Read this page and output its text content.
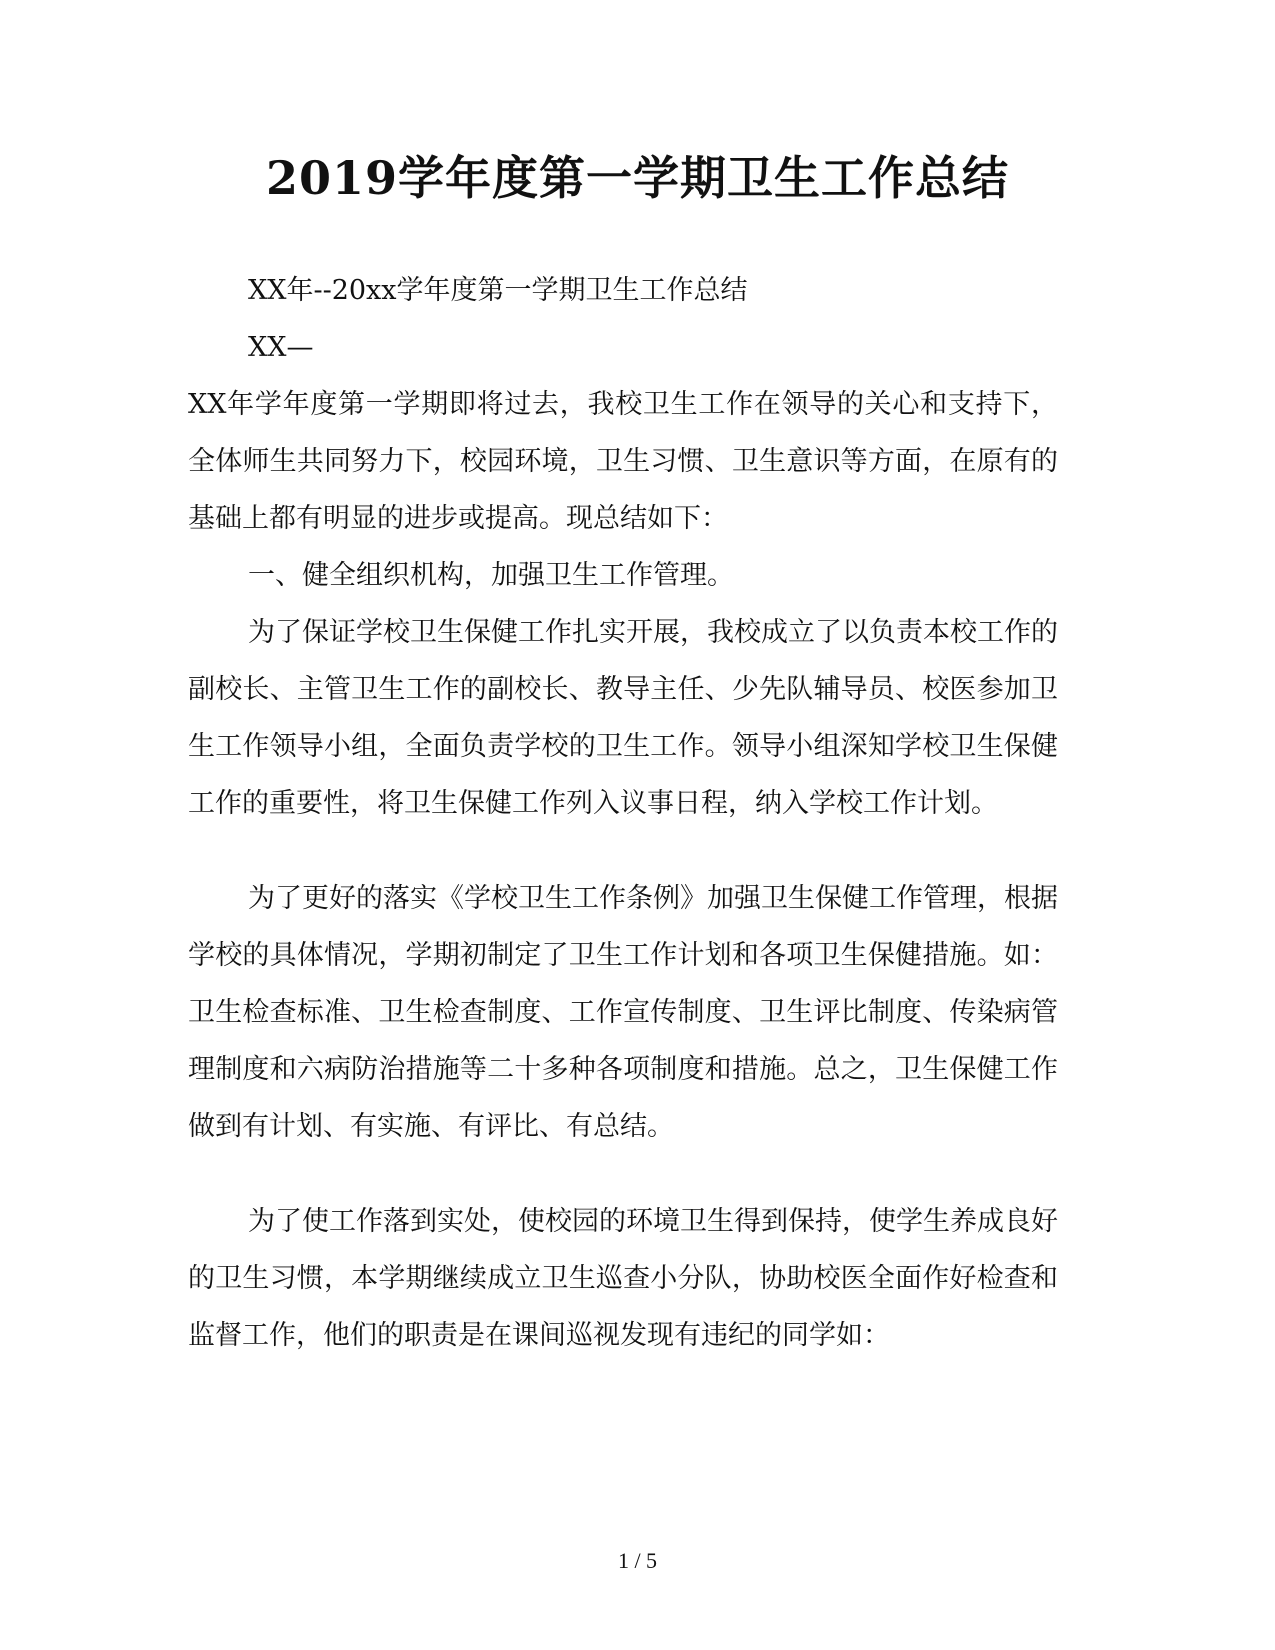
2019学年度第一学期卫生工作总结

XX年--20xx学年度第一学期卫生工作总结

XX—

XX年学年度第一学期即将过去，我校卫生工作在领导的关心和支持下，全体师生共同努力下，校园环境，卫生习惯、卫生意识等方面，在原有的基础上都有明显的进步或提高。现总结如下：

一、健全组织机构，加强卫生工作管理。

为了保证学校卫生保健工作扎实开展，我校成立了以负责本校工作的副校长、主管卫生工作的副校长、教导主任、少先队辅导员、校医参加卫生工作领导小组，全面负责学校的卫生工作。领导小组深知学校卫生保健工作的重要性，将卫生保健工作列入议事日程，纳入学校工作计划。

为了更好的落实《学校卫生工作条例》加强卫生保健工作管理，根据学校的具体情况，学期初制定了卫生工作计划和各项卫生保健措施。如：卫生检查标准、卫生检查制度、工作宣传制度、卫生评比制度、传染病管理制度和六病防治措施等二十多种各项制度和措施。总之，卫生保健工作做到有计划、有实施、有评比、有总结。

为了使工作落到实处，使校园的环境卫生得到保持，使学生养成良好的卫生习惯，本学期继续成立卫生巡查小分队，协助校医全面作好检查和监督工作，他们的职责是在课间巡视发现有违纪的同学如：

1 / 5
